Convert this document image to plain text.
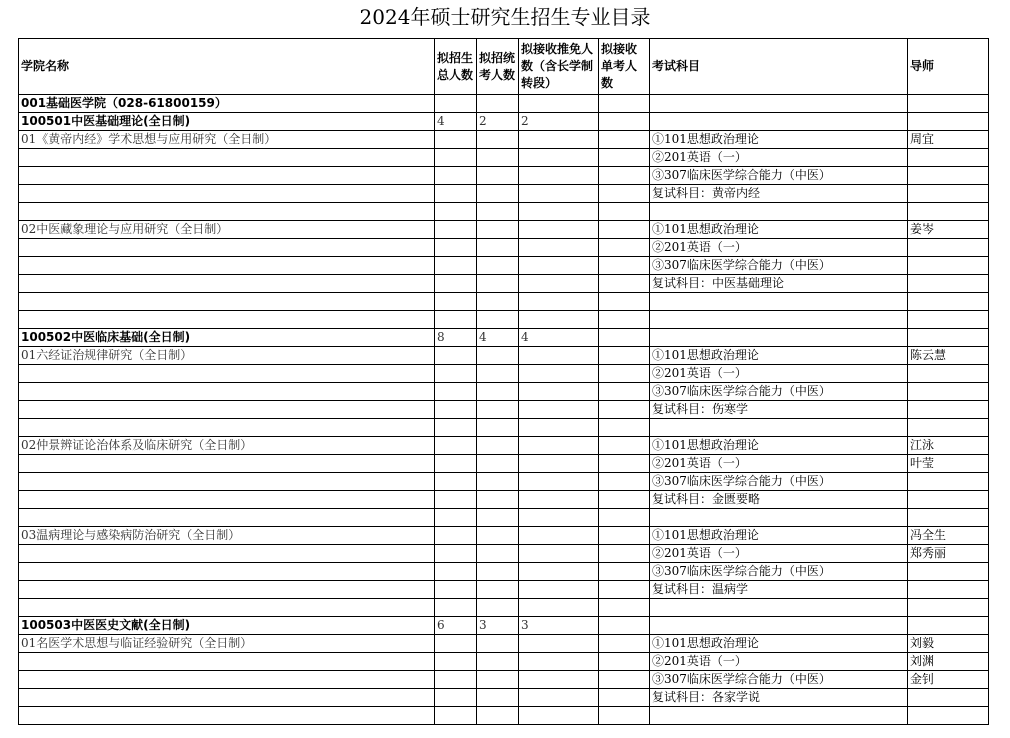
2024年硕士研究生招生专业目录
学院名称	拟招生总人数	拟招统考人数	拟接收推免人数（含长学制转段）	拟接收单考人数	考试科目	导师
001基础医学院（028-61800159）						
100501中医基础理论(全日制)	4	2	2			
01《黄帝内经》学术思想与应用研究（全日制）					①101思想政治理论	周宜
					②201英语（一）	
					③307临床医学综合能力（中医）	
					复试科目：黄帝内经	

02中医藏象理论与应用研究（全日制）					①101思想政治理论	姜岑
					②201英语（一）	
					③307临床医学综合能力（中医）	
					复试科目：中医基础理论	

100502中医临床基础(全日制)	8	4	4			
01六经证治规律研究（全日制）					①101思想政治理论	陈云慧
					②201英语（一）	
					③307临床医学综合能力（中医）	
					复试科目：伤寒学	

02仲景辨证论治体系及临床研究（全日制）					①101思想政治理论	江泳
					②201英语（一）	叶莹
					③307临床医学综合能力（中医）	
					复试科目：金匮要略	

03温病理论与感染病防治研究（全日制）					①101思想政治理论	冯全生
					②201英语（一）	郑秀丽
					③307临床医学综合能力（中医）	
					复试科目：温病学	

100503中医医史文献(全日制)	6	3	3			
01名医学术思想与临证经验研究（全日制）					①101思想政治理论	刘毅
					②201英语（一）	刘渊
					③307临床医学综合能力（中医）	金钊
					复试科目：各家学说	
